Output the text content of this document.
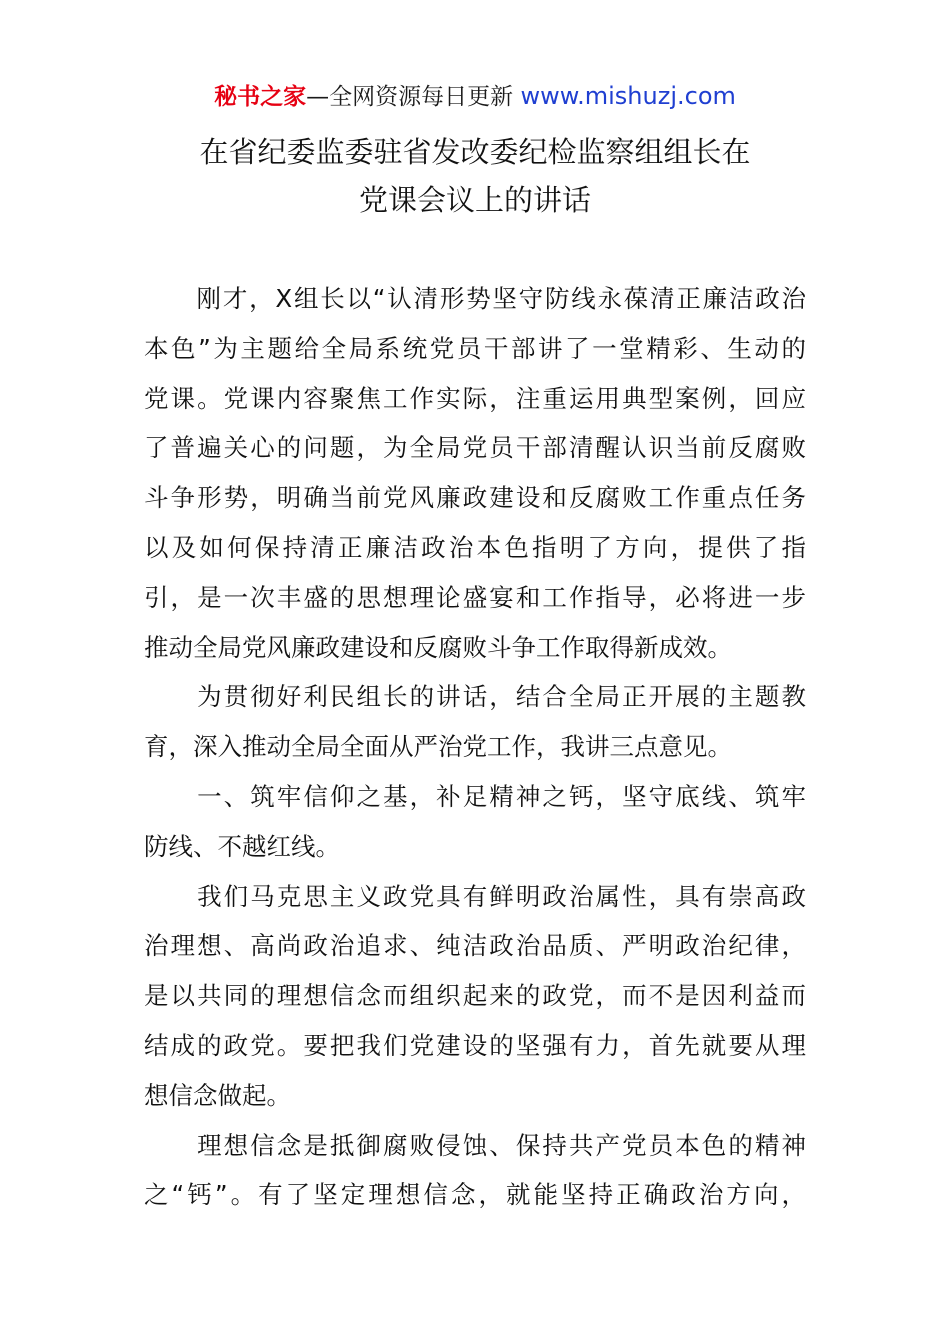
秘书之家—全网资源每日更新 www.mishuzj.com
在省纪委监委驻省发改委纪检监察组组长在
党课会议上的讲话
　　刚才，X组长以“认清形势坚守防线永葆清正廉洁政治
本色”为主题给全局系统党员干部讲了一堂精彩、生动的
党课。党课内容聚焦工作实际，注重运用典型案例，回应
了普遍关心的问题，为全局党员干部清醒认识当前反腐败
斗争形势，明确当前党风廉政建设和反腐败工作重点任务
以及如何保持清正廉洁政治本色指明了方向，提供了指
引，是一次丰盛的思想理论盛宴和工作指导，必将进一步
推动全局党风廉政建设和反腐败斗争工作取得新成效。
　　为贯彻好利民组长的讲话，结合全局正开展的主题教
育，深入推动全局全面从严治党工作，我讲三点意见。
　　一、筑牢信仰之基，补足精神之钙，坚守底线、筑牢
防线、不越红线。
　　我们马克思主义政党具有鲜明政治属性，具有崇高政
治理想、高尚政治追求、纯洁政治品质、严明政治纪律，
是以共同的理想信念而组织起来的政党，而不是因利益而
结成的政党。要把我们党建设的坚强有力，首先就要从理
想信念做起。
　　理想信念是抵御腐败侵蚀、保持共产党员本色的精神
之“钙”。有了坚定理想信念，就能坚持正确政治方向，
